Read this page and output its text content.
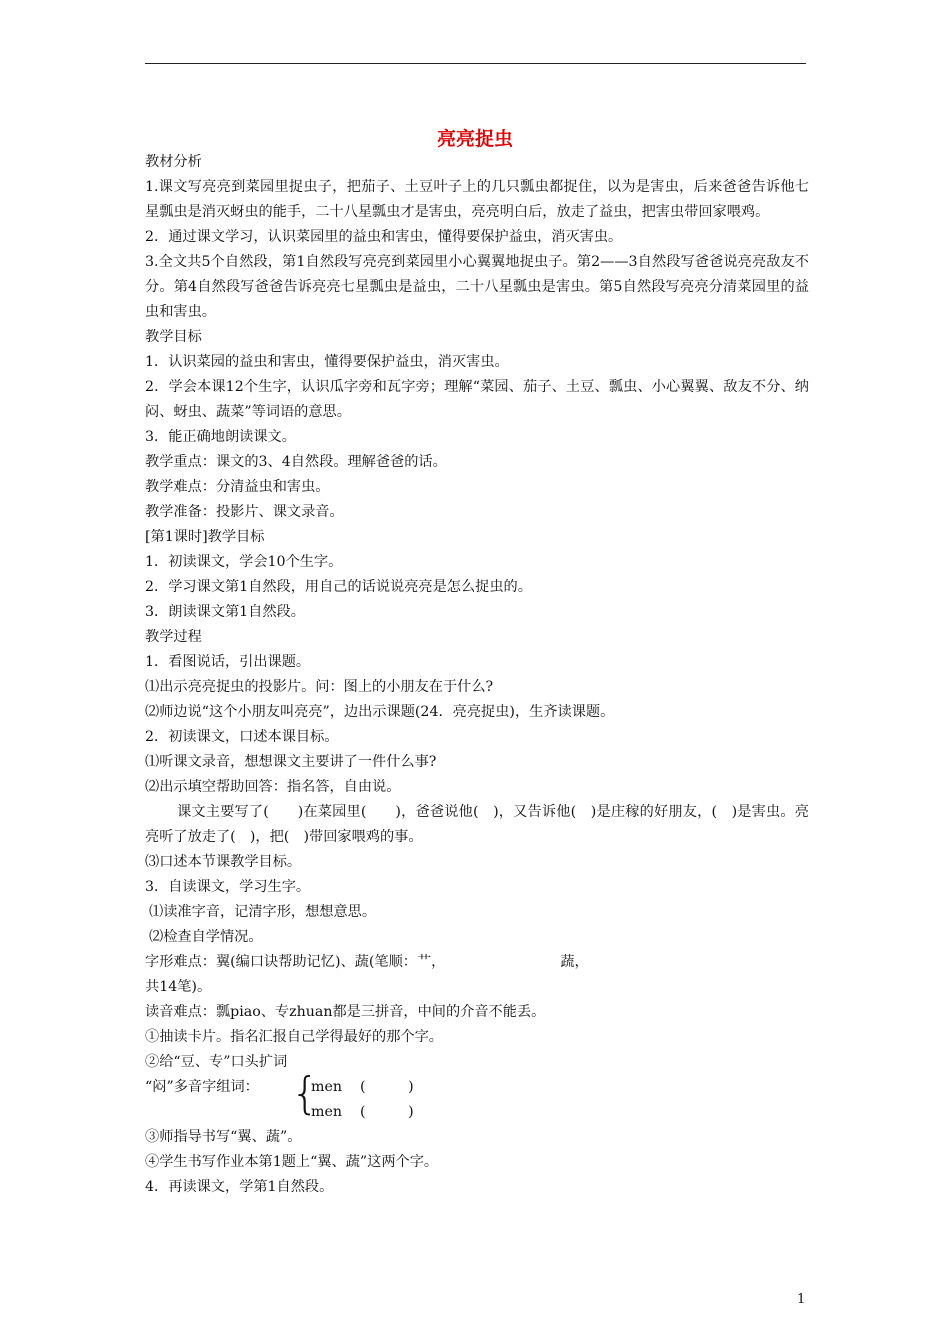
亮亮捉虫
教材分析
1.课文写亮亮到菜园里捉虫子，把茄子、土豆叶子上的几只瓢虫都捉住，以为是害虫，后来爸爸告诉他七星瓢虫是消灭蚜虫的能手，二十八星瓢虫才是害虫，亮亮明白后，放走了益虫，把害虫带回家喂鸡。
2．通过课文学习，认识菜园里的益虫和害虫，懂得要保护益虫，消灭害虫。
3.全文共5个自然段，第1自然段写亮亮到菜园里小心翼翼地捉虫子。第2——3自然段写爸爸说亮亮敌友不分。第4自然段写爸爸告诉亮亮七星瓢虫是益虫，二十八星瓢虫是害虫。第5自然段写亮亮分清菜园里的益虫和害虫。
教学目标
1．认识菜园的益虫和害虫，懂得要保护益虫，消灭害虫。
2．学会本课12个生字，认识瓜字旁和瓦字旁；理解“菜园、茄子、土豆、瓢虫、小心翼翼、敌友不分、纳闷、蚜虫、蔬菜”等词语的意思。
3．能正确地朗读课文。
教学重点：课文的3、4自然段。理解爸爸的话。
教学难点：分清益虫和害虫。
教学准备：投影片、课文录音。
[第1课时]教学目标
1．初读课文，学会10个生字。
2．学习课文第1自然段，用自己的话说说亮亮是怎么捉虫的。
3．朗读课文第1自然段。
教学过程
1．看图说话，引出课题。
⑴出示亮亮捉虫的投影片。问：图上的小朋友在于什么?
⑵师边说“这个小朋友叫亮亮”，边出示课题(24．亮亮捉虫)，生齐读课题。
2．初读课文，口述本课目标。
⑴听课文录音，想想课文主要讲了一件什么事?
⑵出示填空帮助回答：指名答，自由说。
课文主要写了(　　)在菜园里(　　)，爸爸说他(　)，又告诉他(　)是庄稼的好朋友，(　)是害虫。亮亮听了放走了(　)，把(　)带回家喂鸡的事。
⑶口述本节课教学目标。
3．自读课文，学习生字。
⑴读准字音，记清字形，想想意思。
⑵检查自学情况。
字形难点：翼(编口诀帮助记忆)、蔬(笔顺：艹，	蔬，
共14笔)。
读音难点：瓢piao、专zhuan都是三拼音，中间的介音不能丢。
①抽读卡片。指名汇报自己学得最好的那个字。
②给“豆、专”口头扩词
“闷”多音字组词： {
men (　　　)
men (　　　)
③师指导书写“翼、蔬”。
④学生书写作业本第1题上“翼、蔬”这两个字。
4．再读课文，学第1自然段。
1
